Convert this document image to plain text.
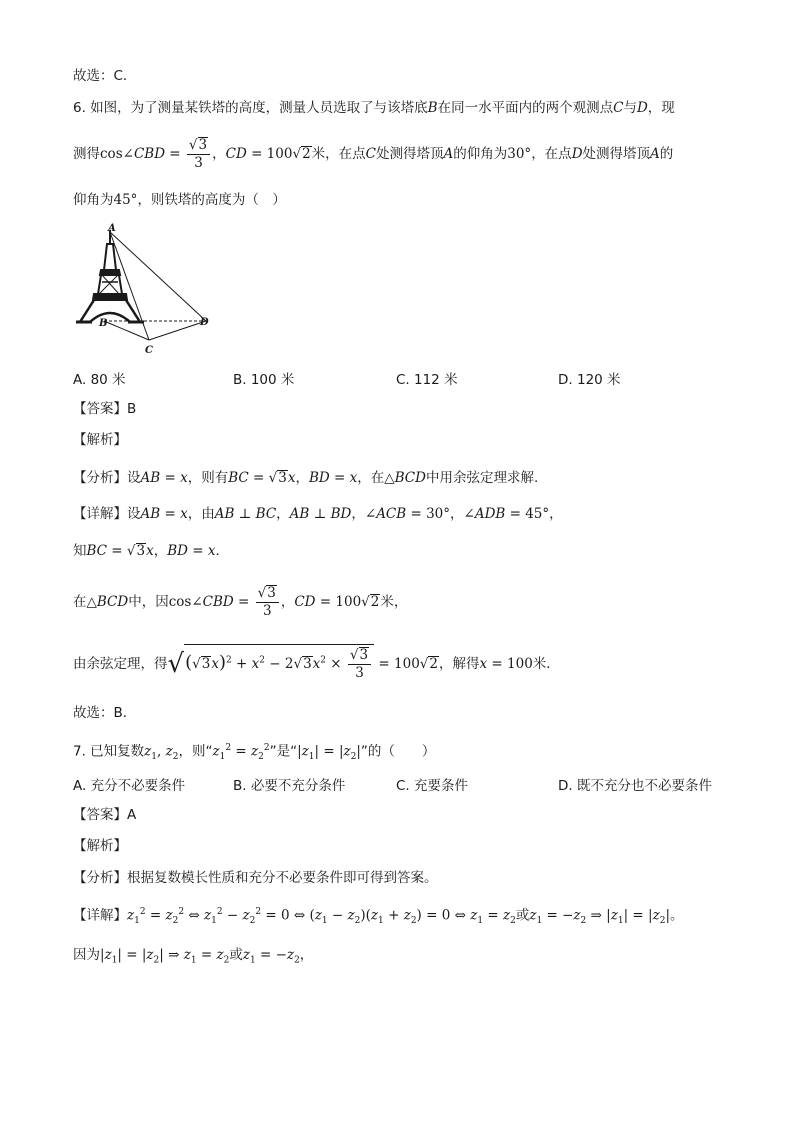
故选：C．
6. 如图，为了测量某铁塔的高度，测量人员选取了与该塔底B在同一水平面内的两个观测点C与D，现
测得cos∠CBD = $\frac{√3}{3}$ ，CD = 100√2米，在点C处测得塔顶A的仰角为30°，在点D处测得塔顶A的
仰角为45°，则铁塔的高度为（　）
A
B
C
D
A. 80 米	B. 100 米	C. 112 米	D. 120 米
【答案】B
【解析】
【分析】设AB = x，则有BC = √3x，BD = x，在△BCD中用余弦定理求解.
【详解】设AB = x，由AB ⊥ BC，AB ⊥ BD，∠ACB = 30°，∠ADB = 45°，
知BC = √3x，BD = x．
在△BCD中，因cos∠CBD = $\frac{√3}{3}$ ，CD = 100√2米，
由余弦定理，得$√(√3x)^2 + x^2 - 2√3x^2 \times \frac{√3}{3} = 100√2$，解得x = 100米．
故选：B．
7. 已知复数$z_1$, $z_2$，则“$z_1^2 = z_2^2$”是“$|z_1| = |z_2|$”的（　　）
A. 充分不必要条件	B. 必要不充分条件	C. 充要条件	D. 既不充分也不必要条件
【答案】A
【解析】
【分析】根据复数模长性质和充分不必要条件即可得到答案。
【详解】$z_1^2 = z_2^2$ ⇔ $z_1^2 - z_2^2 = 0$ ⇔ $(z_1 - z_2)(z_1 + z_2) = 0$ ⇔ $z_1 = z_2$或$z_1 = -z_2$ ⇒ $|z_1| = |z_2|$。
因为$|z_1| = |z_2|$ ⇒ $z_1 = z_2$或$z_1 = -z_2$，
